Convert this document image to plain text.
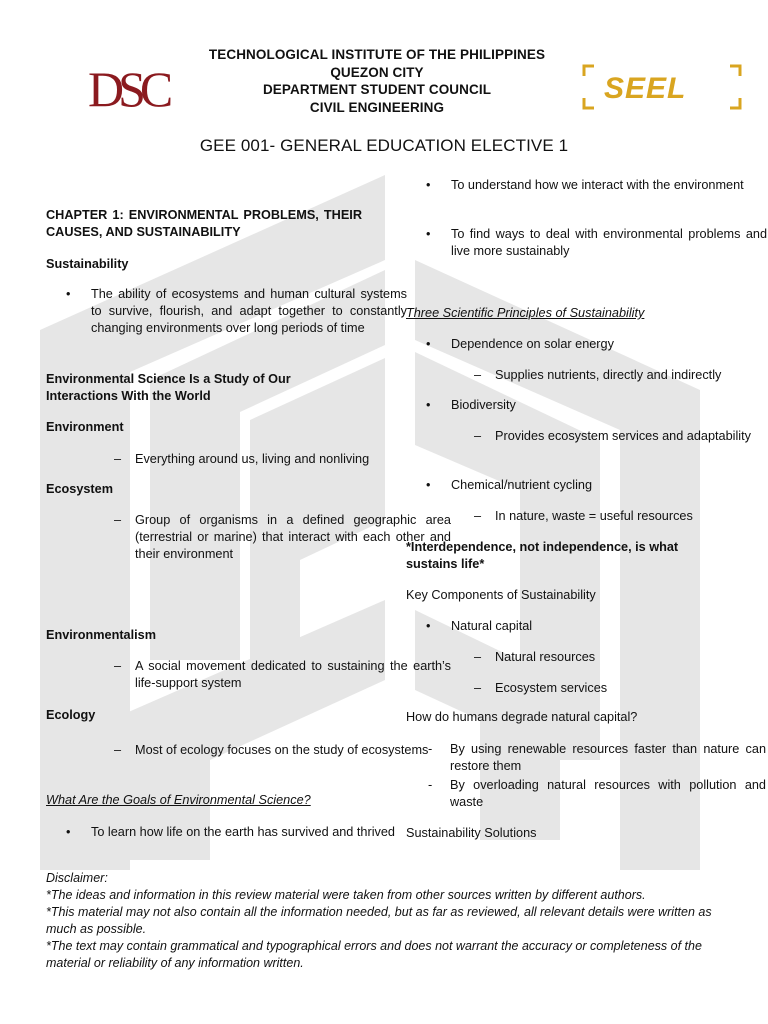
DSC	SEEL
TECHNOLOGICAL INSTITUTE OF THE PHILIPPINES
QUEZON CITY
DEPARTMENT STUDENT COUNCIL
CIVIL ENGINEERING
GEE 001- GENERAL EDUCATION ELECTIVE 1
CHAPTER 1: ENVIRONMENTAL PROBLEMS, THEIR CAUSES, AND SUSTAINABILITY
Sustainability
• The ability of ecosystems and human cultural systems to survive, flourish, and adapt together to constantly changing environments over long periods of time
Environmental Science Is a Study of Our Interactions With the World
Environment
– Everything around us, living and nonliving
Ecosystem
– Group of organisms in a defined geographic area (terrestrial or marine) that interact with each other and their environment
Environmentalism
– A social movement dedicated to sustaining the earth’s life-support system
Ecology
– Most of ecology focuses on the study of ecosystems
What Are the Goals of Environmental Science?
• To learn how life on the earth has survived and thrived
• To understand how we interact with the environment
• To find ways to deal with environmental problems and live more sustainably
Three Scientific Principles of Sustainability
• Dependence on solar energy
– Supplies nutrients, directly and indirectly
• Biodiversity
– Provides ecosystem services and adaptability
• Chemical/nutrient cycling
– In nature, waste = useful resources
*Interdependence, not independence, is what sustains life*
Key Components of Sustainability
• Natural capital
– Natural resources
– Ecosystem services
How do humans degrade natural capital?
- By using renewable resources faster than nature can restore them
- By overloading natural resources with pollution and waste
Sustainability Solutions
Disclaimer:
*The ideas and information in this review material were taken from other sources written by different authors.
*This material may not also contain all the information needed, but as far as reviewed, all relevant details were written as much as possible.
*The text may contain grammatical and typographical errors and does not warrant the accuracy or completeness of the material or reliability of any information written.
